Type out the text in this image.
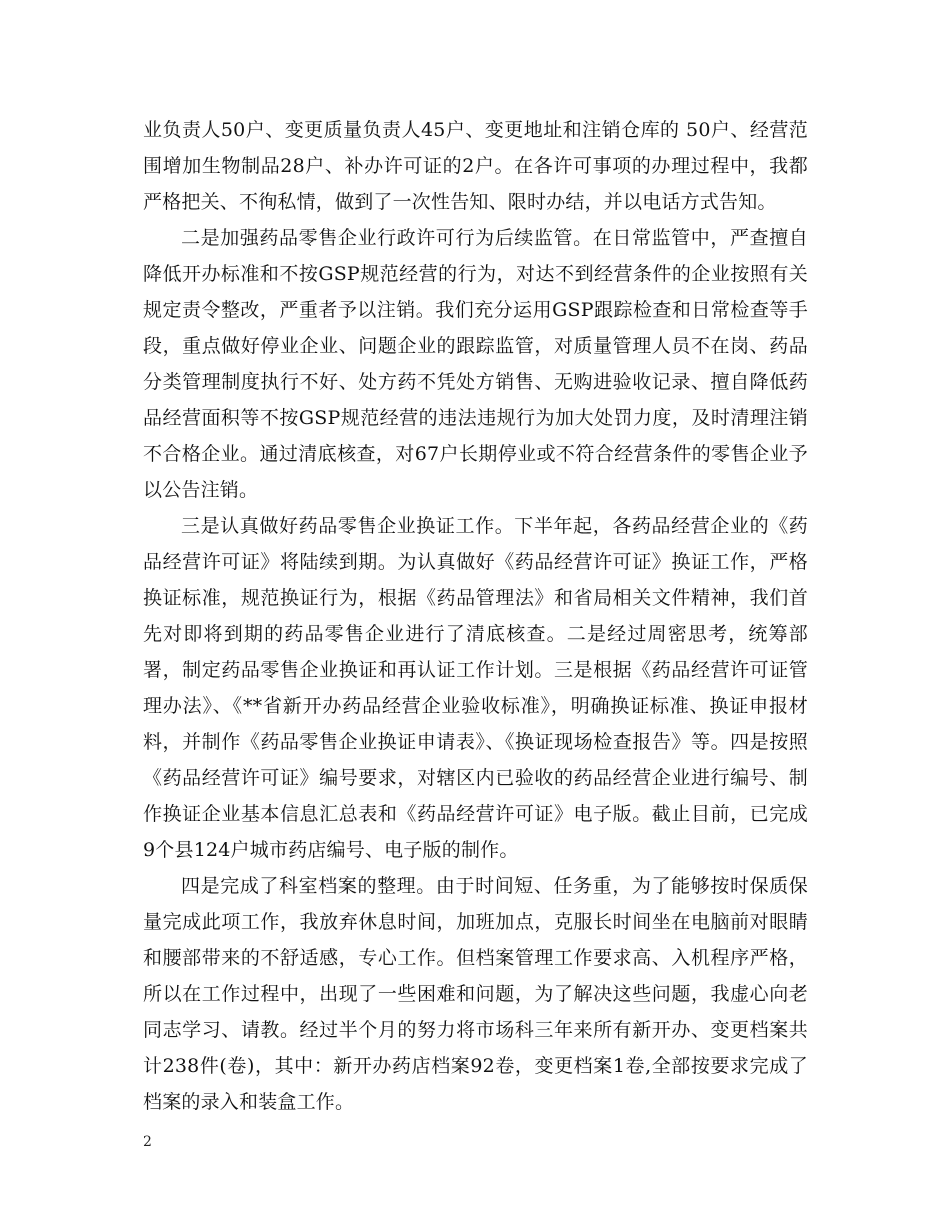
业负责人50户、变更质量负责人45户、变更地址和注销仓库的 50户、经营范围增加生物制品28户、补办许可证的2户。在各许可事项的办理过程中，我都严格把关、不徇私情，做到了一次性告知、限时办结，并以电话方式告知。

二是加强药品零售企业行政许可行为后续监管。在日常监管中，严查擅自降低开办标准和不按GSP规范经营的行为，对达不到经营条件的企业按照有关规定责令整改，严重者予以注销。我们充分运用GSP跟踪检查和日常检查等手段，重点做好停业企业、问题企业的跟踪监管，对质量管理人员不在岗、药品分类管理制度执行不好、处方药不凭处方销售、无购进验收记录、擅自降低药品经营面积等不按GSP规范经营的违法违规行为加大处罚力度，及时清理注销不合格企业。通过清底核查，对67户长期停业或不符合经营条件的零售企业予以公告注销。

三是认真做好药品零售企业换证工作。下半年起，各药品经营企业的《药品经营许可证》将陆续到期。为认真做好《药品经营许可证》换证工作，严格换证标准，规范换证行为，根据《药品管理法》和省局相关文件精神，我们首先对即将到期的药品零售企业进行了清底核查。二是经过周密思考，统筹部署，制定药品零售企业换证和再认证工作计划。三是根据《药品经营许可证管理办法》、《**省新开办药品经营企业验收标准》，明确换证标准、换证申报材料，并制作《药品零售企业换证申请表》、《换证现场检查报告》等。四是按照《药品经营许可证》编号要求，对辖区内已验收的药品经营企业进行编号、制作换证企业基本信息汇总表和《药品经营许可证》电子版。截止目前，已完成9个县124户城市药店编号、电子版的制作。

四是完成了科室档案的整理。由于时间短、任务重，为了能够按时保质保量完成此项工作，我放弃休息时间，加班加点，克服长时间坐在电脑前对眼睛和腰部带来的不舒适感，专心工作。但档案管理工作要求高、入机程序严格，所以在工作过程中，出现了一些困难和问题，为了解决这些问题，我虚心向老同志学习、请教。经过半个月的努力将市场科三年来所有新开办、变更档案共计238件(卷)，其中：新开办药店档案92卷，变更档案1卷,全部按要求完成了档案的录入和装盒工作。

2
